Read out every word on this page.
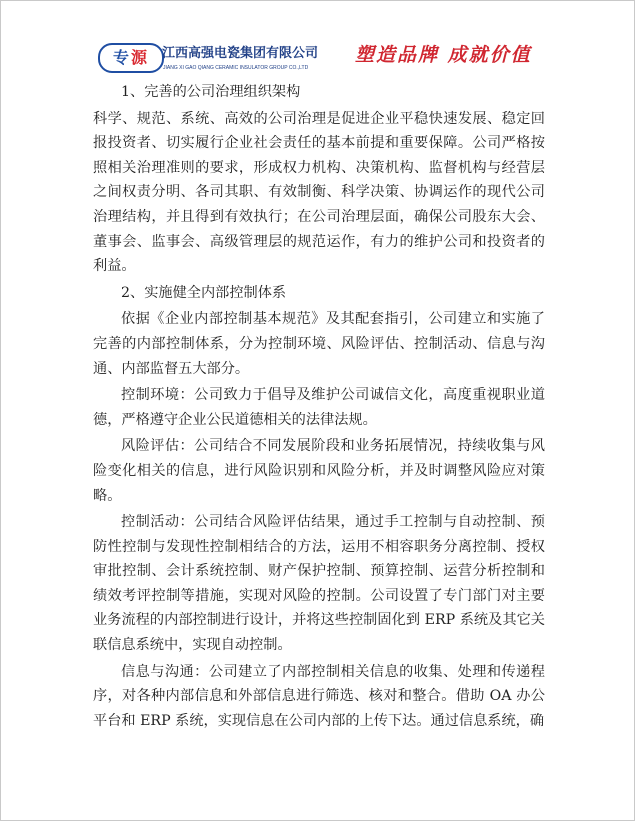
专 源 江西高强电瓷集团有限公司
JIANG XI GAO QIANG CERAMIC INSULATOR GROUP CO.,LTD
塑造品牌 成就价值

1、完善的公司治理组织架构

科学、规范、系统、高效的公司治理是促进企业平稳快速发展、稳定回报投资者、切实履行企业社会责任的基本前提和重要保障。公司严格按照相关治理准则的要求，形成权力机构、决策机构、监督机构与经营层之间权责分明、各司其职、有效制衡、科学决策、协调运作的现代公司治理结构，并且得到有效执行；在公司治理层面，确保公司股东大会、董事会、监事会、高级管理层的规范运作，有力的维护公司和投资者的利益。

2、实施健全内部控制体系

依据《企业内部控制基本规范》及其配套指引，公司建立和实施了完善的内部控制体系，分为控制环境、风险评估、控制活动、信息与沟通、内部监督五大部分。

控制环境：公司致力于倡导及维护公司诚信文化，高度重视职业道德，严格遵守企业公民道德相关的法律法规。

风险评估：公司结合不同发展阶段和业务拓展情况，持续收集与风险变化相关的信息，进行风险识别和风险分析，并及时调整风险应对策略。

控制活动：公司结合风险评估结果，通过手工控制与自动控制、预防性控制与发现性控制相结合的方法，运用不相容职务分离控制、授权审批控制、会计系统控制、财产保护控制、预算控制、运营分析控制和绩效考评控制等措施，实现对风险的控制。公司设置了专门部门对主要业务流程的内部控制进行设计，并将这些控制固化到 ERP 系统及其它关联信息系统中，实现自动控制。

信息与沟通：公司建立了内部控制相关信息的收集、处理和传递程序，对各种内部信息和外部信息进行筛选、核对和整合。借助 OA 办公平台和 ERP 系统，实现信息在公司内部的上传下达。通过信息系统，确
